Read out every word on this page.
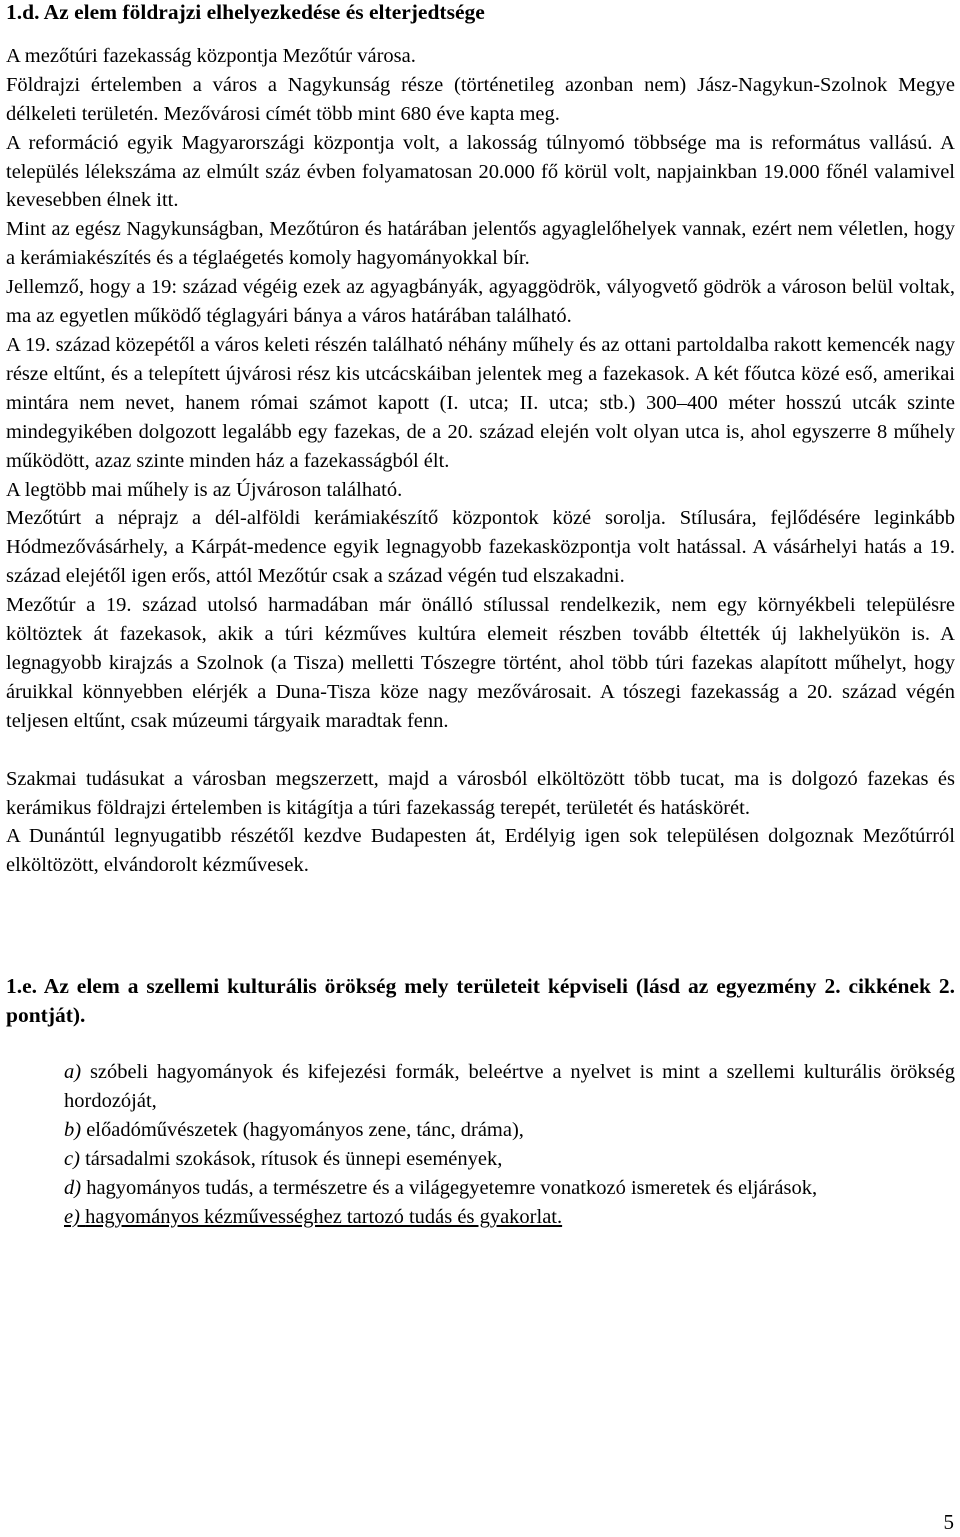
1.d. Az elem földrajzi elhelyezkedése és elterjedtsége

A mezőtúri fazekasság központja Mezőtúr városa.

Földrajzi értelemben a város a Nagykunság része (történetileg azonban nem) Jász-Nagykun-Szolnok Megye délkeleti területén. Mezővárosi címét több mint 680 éve kapta meg.

A reformáció egyik Magyarországi központja volt, a lakosság túlnyomó többsége ma is református vallású. A település lélekszáma az elmúlt száz évben folyamatosan 20.000 fő körül volt, napjainkban 19.000 főnél valamivel kevesebben élnek itt.

Mint az egész Nagykunságban, Mezőtúron és határában jelentős agyaglelőhelyek vannak, ezért nem véletlen, hogy a kerámiakészítés és a téglaégetés komoly hagyományokkal bír.

Jellemző, hogy a 19: század végéig ezek az agyagbányák, agyaggödrök, vályogvető gödrök a városon belül voltak, ma az egyetlen működő téglagyári bánya a város határában található.

A 19. század közepétől a város keleti részén található néhány műhely és az ottani partoldalba rakott kemencék nagy része eltűnt, és a telepített újvárosi rész kis utcácskáiban jelentek meg a fazekasok. A két főutca közé eső, amerikai mintára nem nevet, hanem római számot kapott (I. utca; II. utca; stb.) 300–400 méter hosszú utcák szinte mindegyikében dolgozott legalább egy fazekas, de a 20. század elején volt olyan utca is, ahol egyszerre 8 műhely működött, azaz szinte minden ház a fazekasságból élt.

A legtöbb mai műhely is az Újvároson található.

Mezőtúrt a néprajz a dél-alföldi kerámiakészítő központok közé sorolja. Stílusára, fejlődésére leginkább Hódmezővásárhely, a Kárpát-medence egyik legnagyobb fazekasközpontja volt hatással. A vásárhelyi hatás a 19. század elejétől igen erős, attól Mezőtúr csak a század végén tud elszakadni.

Mezőtúr a 19. század utolsó harmadában már önálló stílussal rendelkezik, nem egy környékbeli településre költöztek át fazekasok, akik a túri kézműves kultúra elemeit részben tovább éltették új lakhelyükön is. A legnagyobb kirajzás a Szolnok (a Tisza) melletti Tószegre történt, ahol több túri fazekas alapított műhelyt, hogy áruikkal könnyebben elérjék a Duna-Tisza köze nagy mezővárosait. A tószegi fazekasság a 20. század végén teljesen eltűnt, csak múzeumi tárgyaik maradtak fenn.

Szakmai tudásukat a városban megszerzett, majd a városból elköltözött több tucat, ma is dolgozó fazekas és kerámikus földrajzi értelemben is kitágítja a túri fazekasság terepét, területét és hatáskörét.

A Dunántúl legnyugatibb részétől kezdve Budapesten át, Erdélyig igen sok településen dolgoznak Mezőtúrról elköltözött, elvándorolt kézművesek.

1.e. Az elem a szellemi kulturális örökség mely területeit képviseli (lásd az egyezmény 2. cikkének 2. pontját).
a) szóbeli hagyományok és kifejezési formák, beleértve a nyelvet is mint a szellemi kulturális örökség hordozóját,
b) előadóművészetek (hagyományos zene, tánc, dráma),
c) társadalmi szokások, rítusok és ünnepi események,
d) hagyományos tudás, a természetre és a világegyetemre vonatkozó ismeretek és eljárások,
e) hagyományos kézművességhez tartozó tudás és gyakorlat.
5
